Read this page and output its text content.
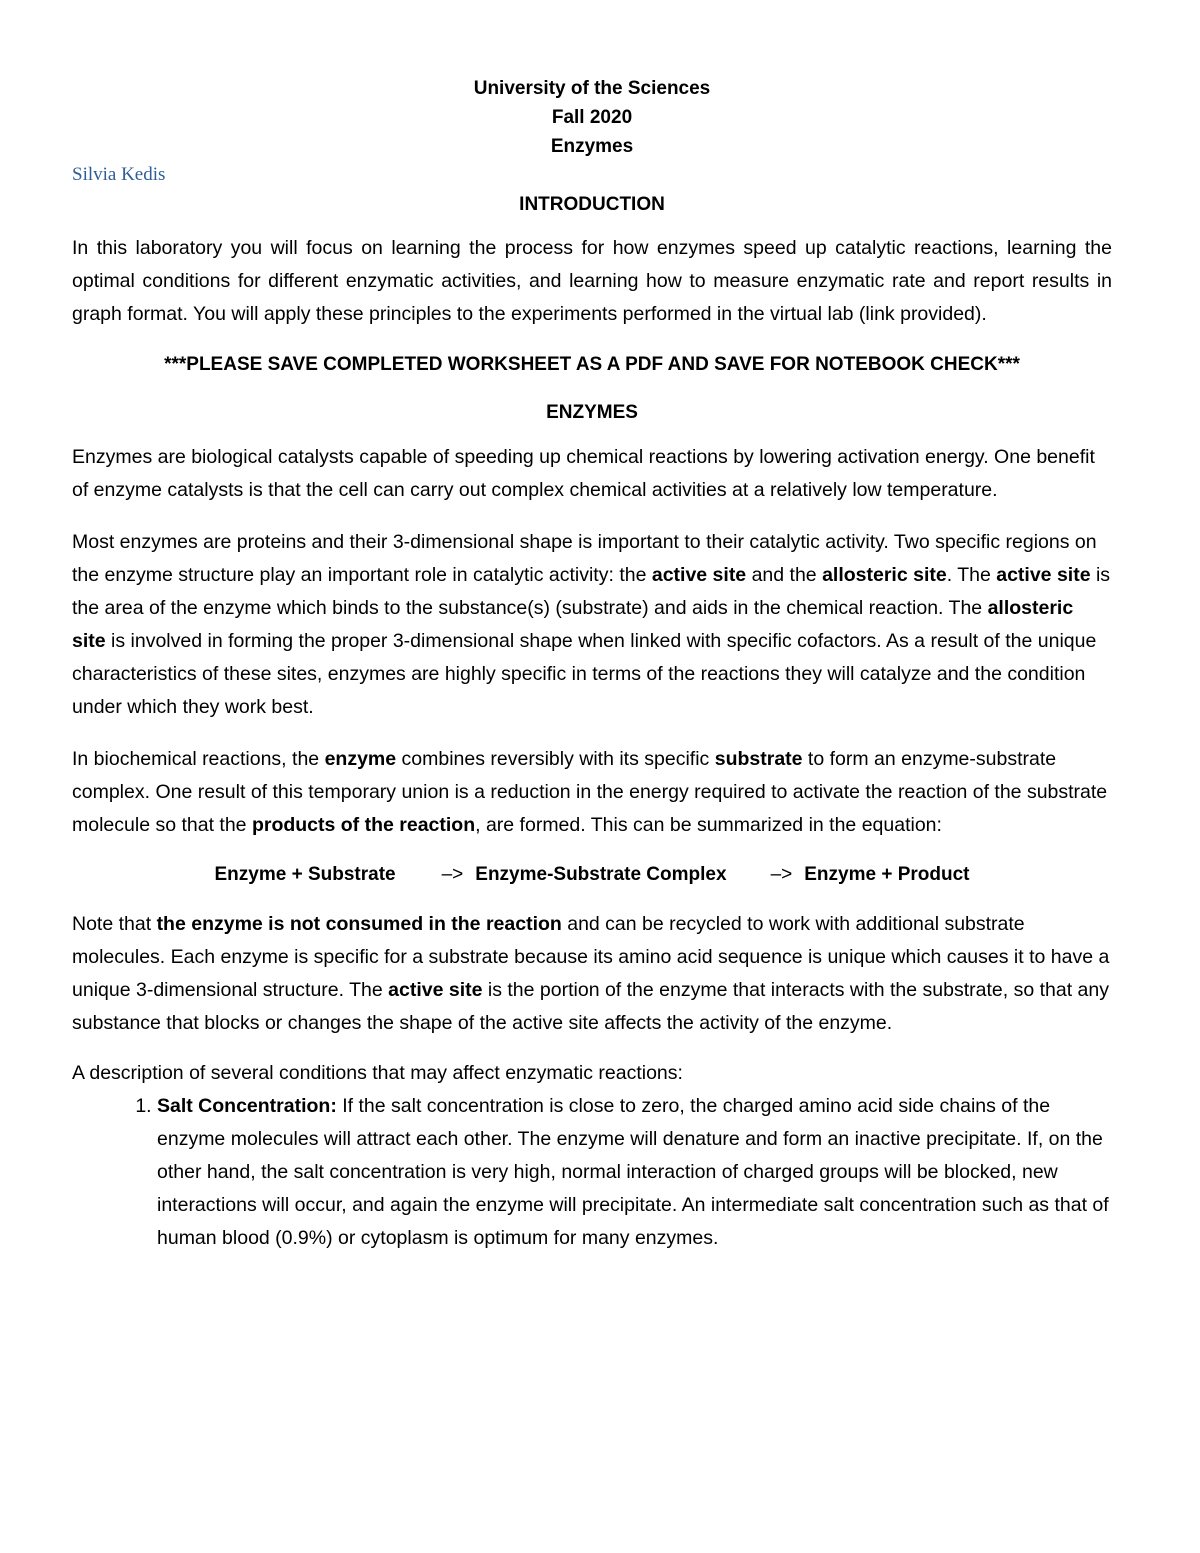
University of the Sciences
Fall 2020
Enzymes
Silvia Kedis
INTRODUCTION

In this laboratory you will focus on learning the process for how enzymes speed up catalytic reactions, learning the optimal conditions for different enzymatic activities, and learning how to measure enzymatic rate and report results in graph format. You will apply these principles to the experiments performed in the virtual lab (link provided).

***PLEASE SAVE COMPLETED WORKSHEET AS A PDF AND SAVE FOR NOTEBOOK CHECK***
ENZYMES

Enzymes are biological catalysts capable of speeding up chemical reactions by lowering activation energy. One benefit of enzyme catalysts is that the cell can carry out complex chemical activities at a relatively low temperature.

Most enzymes are proteins and their 3-dimensional shape is important to their catalytic activity. Two specific regions on the enzyme structure play an important role in catalytic activity: the active site and the allosteric site. The active site is the area of the enzyme which binds to the substance(s) (substrate) and aids in the chemical reaction. The allosteric site is involved in forming the proper 3-dimensional shape when linked with specific cofactors. As a result of the unique characteristics of these sites, enzymes are highly specific in terms of the reactions they will catalyze and the condition under which they work best.

In biochemical reactions, the enzyme combines reversibly with its specific substrate to form an enzyme-substrate complex. One result of this temporary union is a reduction in the energy required to activate the reaction of the substrate molecule so that the products of the reaction, are formed. This can be summarized in the equation:

Enzyme + Substrate –> Enzyme-Substrate Complex –> Enzyme + Product

Note that the enzyme is not consumed in the reaction and can be recycled to work with additional substrate molecules. Each enzyme is specific for a substrate because its amino acid sequence is unique which causes it to have a unique 3-dimensional structure. The active site is the portion of the enzyme that interacts with the substrate, so that any substance that blocks or changes the shape of the active site affects the activity of the enzyme.

A description of several conditions that may affect enzymatic reactions:

1. Salt Concentration: If the salt concentration is close to zero, the charged amino acid side chains of the enzyme molecules will attract each other. The enzyme will denature and form an inactive precipitate. If, on the other hand, the salt concentration is very high, normal interaction of charged groups will be blocked, new interactions will occur, and again the enzyme will precipitate. An intermediate salt concentration such as that of human blood (0.9%) or cytoplasm is optimum for many enzymes.
